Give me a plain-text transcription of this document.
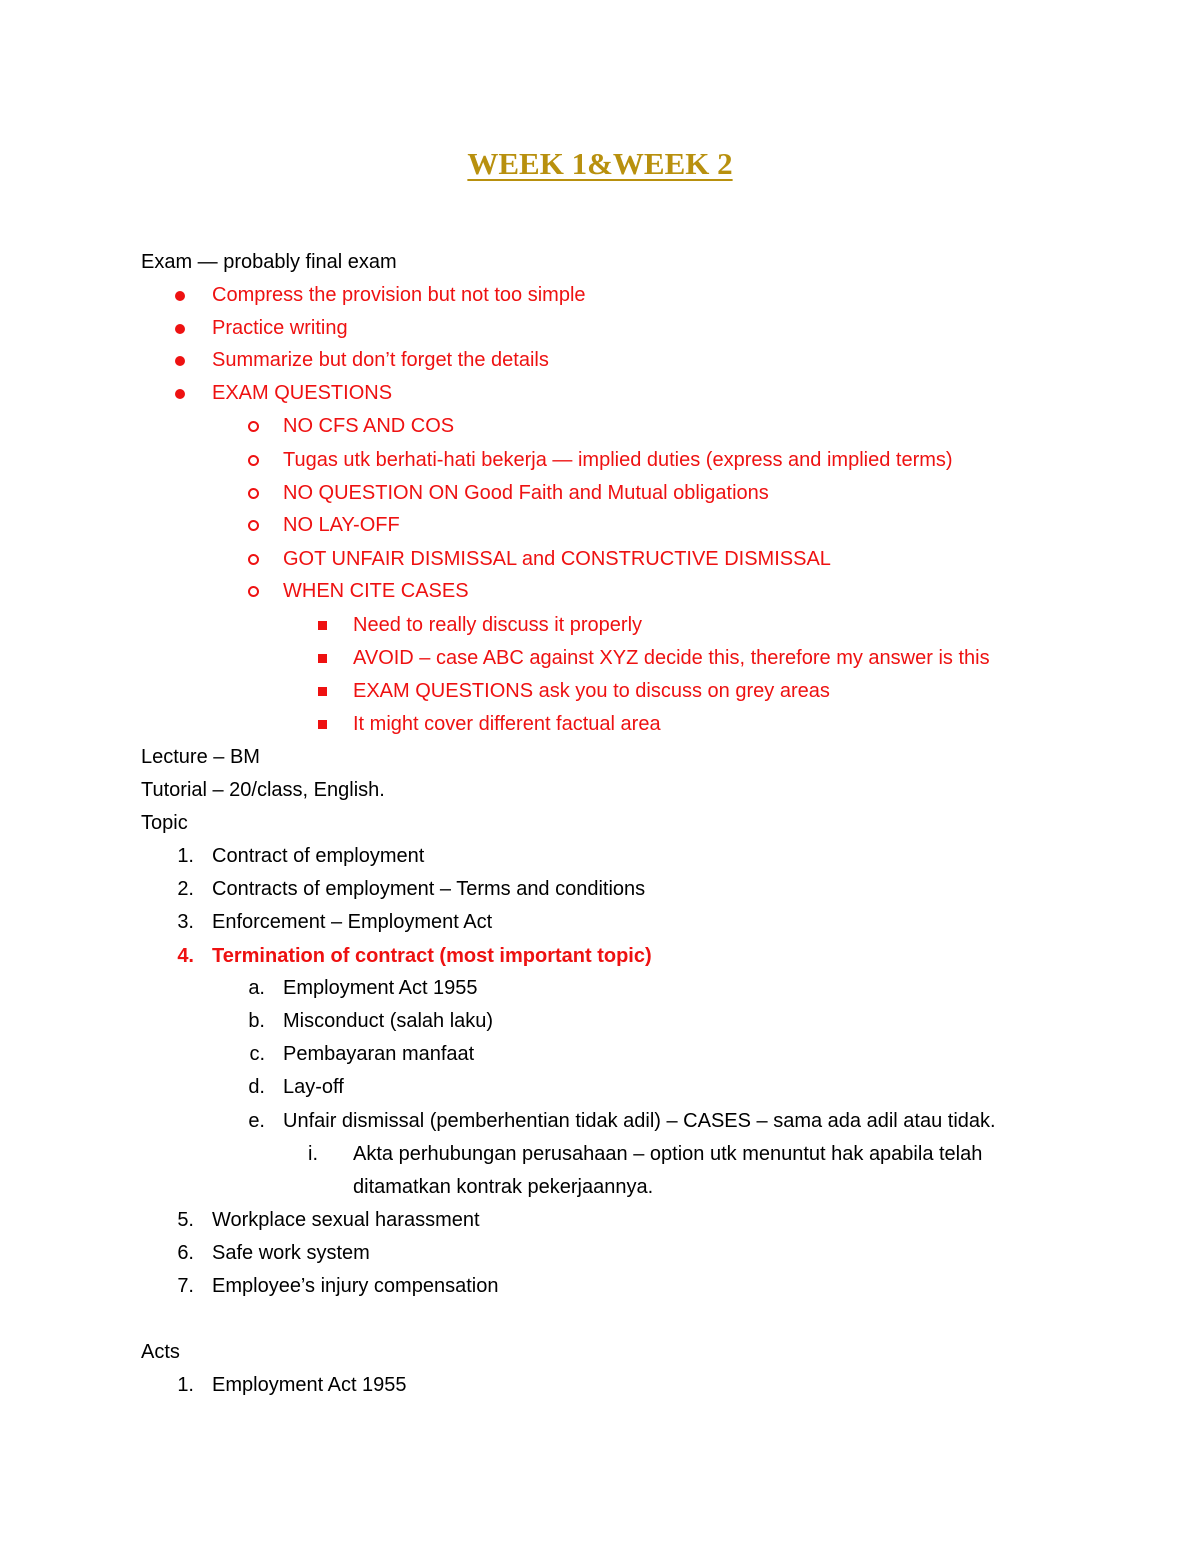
WEEK 1&WEEK 2
Exam — probably final exam
Compress the provision but not too simple
Practice writing
Summarize but don’t forget the details
EXAM QUESTIONS
NO CFS AND COS
Tugas utk berhati-hati bekerja — implied duties (express and implied terms)
NO QUESTION ON Good Faith and Mutual obligations
NO LAY-OFF
GOT UNFAIR DISMISSAL and CONSTRUCTIVE DISMISSAL
WHEN CITE CASES
Need to really discuss it properly
AVOID – case ABC against XYZ decide this, therefore my answer is this
EXAM QUESTIONS ask you to discuss on grey areas
It might cover different factual area
Lecture – BM
Tutorial – 20/class, English.
Topic
1. Contract of employment
2. Contracts of employment – Terms and conditions
3. Enforcement – Employment Act
4. Termination of contract (most important topic)
a. Employment Act 1955
b. Misconduct (salah laku)
c. Pembayaran manfaat
d. Lay-off
e. Unfair dismissal (pemberhentian tidak adil) – CASES – sama ada adil atau tidak.
i. Akta perhubungan perusahaan – option utk menuntut hak apabila telah
ditamatkan kontrak pekerjaannya.
5. Workplace sexual harassment
6. Safe work system
7. Employee’s injury compensation
Acts
1. Employment Act 1955
